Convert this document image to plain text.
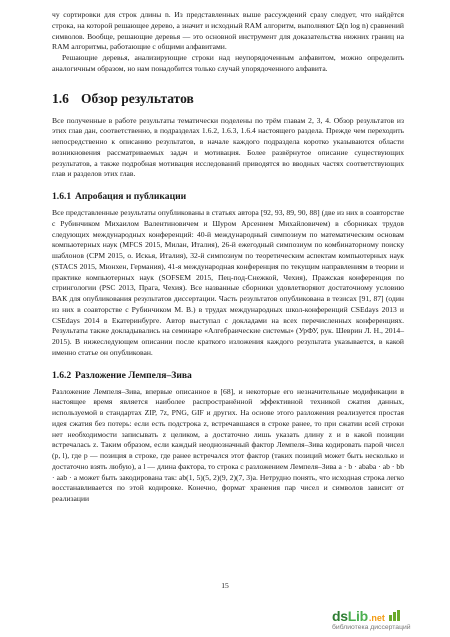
чу сортировки для строк длины n. Из представленных выше рассуждений сразу следует, что найдётся строка, на которой решающее дерево, а значит и исходный RAM алгоритм, выполняют Ω(n log n) сравнений символов. Вообще, решающие деревья — это основной инструмент для доказательства нижних границ на RAM алгоритмы, работающие с общими алфавитами.

Решающие деревья, анализирующие строки над неупорядоченным алфавитом, можно определить аналогичным образом, но нам понадобится только случай упорядоченного алфавита.

1.6 Обзор результатов

Все полученные в работе результаты тематически поделены по трём главам 2, 3, 4. Обзор результатов из этих глав дан, соответственно, в подразделах 1.6.2, 1.6.3, 1.6.4 настоящего раздела. Прежде чем переходить непосредственно к описанию результатов, в начале каждого подраздела коротко указываются области возникновения рассматриваемых задач и мотивация. Более развёрнутое описание существующих результатов, а также подробная мотивация исследований приводятся во вводных частях соответствующих глав и разделов этих глав.

1.6.1 Апробация и публикации

Все представленные результаты опубликованы в статьях автора [92, 93, 89, 90, 88] (две из них в соавторстве с Рубинчиком Михаилом Валентиновичем и Шуром Арсением Михайловичем) в сборниках трудов следующих международных конференций: 40-й международный симпозиум по математическим основам компьютерных наук (MFCS 2015, Милан, Италия), 26-й ежегодный симпозиум по комбинаторному поиску шаблонов (CPM 2015, о. Искья, Италия), 32-й симпозиум по теоретическим аспектам компьютерных наук (STACS 2015, Мюнхен, Германия), 41-я международная конференция по текущим направлениям в теории и практике компьютерных наук (SOFSEM 2015, Пец-под-Снежкой, Чехия), Пражская конференция по стрингологии (PSC 2013, Прага, Чехия). Все названные сборники удовлетворяют достаточному условию ВАК для опубликования результатов диссертации. Часть результатов опубликована в тезисах [91, 87] (один из них в соавторстве с Рубинчиком М. В.) в трудах международных школ-конференций CSEdays 2013 и CSEdays 2014 в Екатеринбурге. Автор выступал с докладами на всех перечисленных конференциях. Результаты также докладывались на семинаре «Алгебраические системы» (УрФУ, рук. Шеврин Л. Н., 2014–2015). В нижеследующем описании после краткого изложения каждого результата указывается, в какой именно статье он опубликован.

1.6.2 Разложение Лемпеля–Зива

Разложение Лемпеля–Зива, впервые описанное в [68], и некоторые его незначительные модификации в настоящее время является наиболее распространённой эффективной техникой сжатия данных, используемой в стандартах ZIP, 7z, PNG, GIF и других. На основе этого разложения реализуется простая идея сжатия без потерь: если есть подстрока z, встречавшаяся в строке ранее, то при сжатии всей строки нет необходимости записывать z целиком, а достаточно лишь указать длину z и в какой позиции встречалась z. Таким образом, если каждый неоднозначный фактор Лемпеля–Зива кодировать парой чисел (p, l), где p — позиция в строке, где ранее встречался этот фактор (таких позиций может быть несколько и достаточно взять любую), а l — длина фактора, то строка с разложением Лемпеля–Зива a · b · ababa · ab · bb · aab · a может быть закодирована так: ab(1, 5)(5, 2)(9, 2)(7, 3)a. Нетрудно понять, что исходная строка легко восстанавливается по этой кодировке. Конечно, формат хранения пар чисел и символов зависит от реализации

15
dsLib .net
библиотека диссертаций
